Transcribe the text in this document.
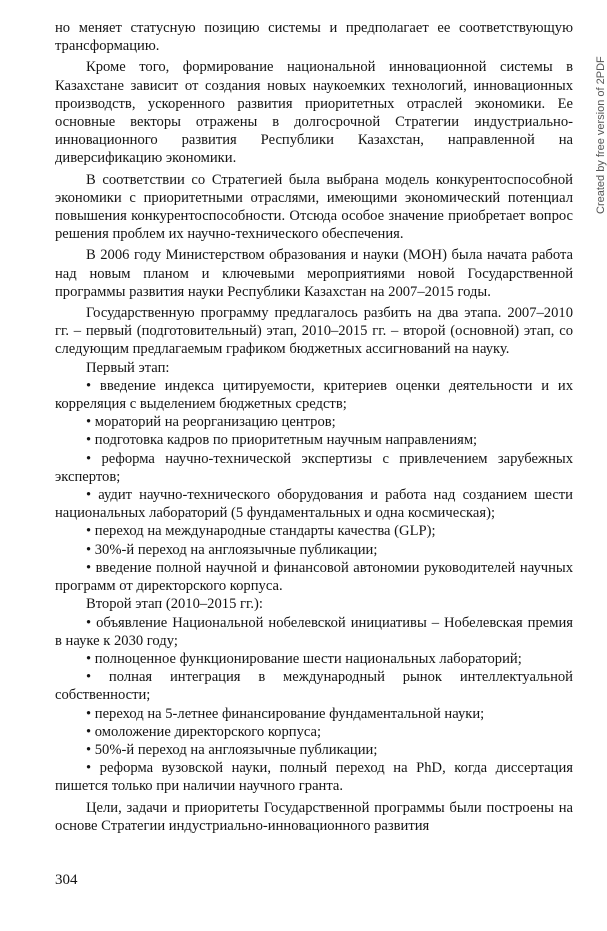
но меняет статусную позицию системы и предполагает ее соответствующую трансформацию.

Кроме того, формирование национальной инновационной системы в Казахстане зависит от создания новых наукоемких технологий, инновационных производств, ускоренного развития приоритетных отраслей экономики. Ее основные векторы отражены в долгосрочной Стратегии индустриально-инновационного развития Республики Казахстан, направленной на диверсификацию экономики.

В соответствии со Стратегией была выбрана модель конкурентоспособной экономики с приоритетными отраслями, имеющими экономический потенциал повышения конкурентоспособности. Отсюда особое значение приобретает вопрос решения проблем их научно-технического обеспечения.

В 2006 году Министерством образования и науки (МОН) была начата работа над новым планом и ключевыми мероприятиями новой Государственной программы развития науки Республики Казахстан на 2007–2015 годы.

Государственную программу предлагалось разбить на два этапа. 2007–2010 гг. – первый (подготовительный) этап, 2010–2015 гг. – второй (основной) этап, со следующим предлагаемым графиком бюджетных ассигнований на науку.

Первый этап:

• введение индекса цитируемости, критериев оценки деятельности и их корреляция с выделением бюджетных средств;

• мораторий на реорганизацию центров;

• подготовка кадров по приоритетным научным направлениям;

• реформа научно-технической экспертизы с привлечением зарубежных экспертов;

• аудит научно-технического оборудования и работа над созданием шести национальных лабораторий (5 фундаментальных и одна космическая);

• переход на международные стандарты качества (GLP);

• 30%-й переход на англоязычные публикации;

• введение полной научной и финансовой автономии руководителей научных программ от директорского корпуса.

Второй этап (2010–2015 гг.):

• объявление Национальной нобелевской инициативы – Нобелевская премия в науке к 2030 году;

• полноценное функционирование шести национальных лабораторий;

• полная интеграция в международный рынок интеллектуальной собственности;

• переход на 5-летнее финансирование фундаментальной науки;

• омоложение директорского корпуса;

• 50%-й переход на англоязычные публикации;

• реформа вузовской науки, полный переход на PhD, когда диссертация пишется только при наличии научного гранта.

Цели, задачи и приоритеты Государственной программы были построены на основе Стратегии индустриально-инновационного развития

304
Created by free version of 2PDF
